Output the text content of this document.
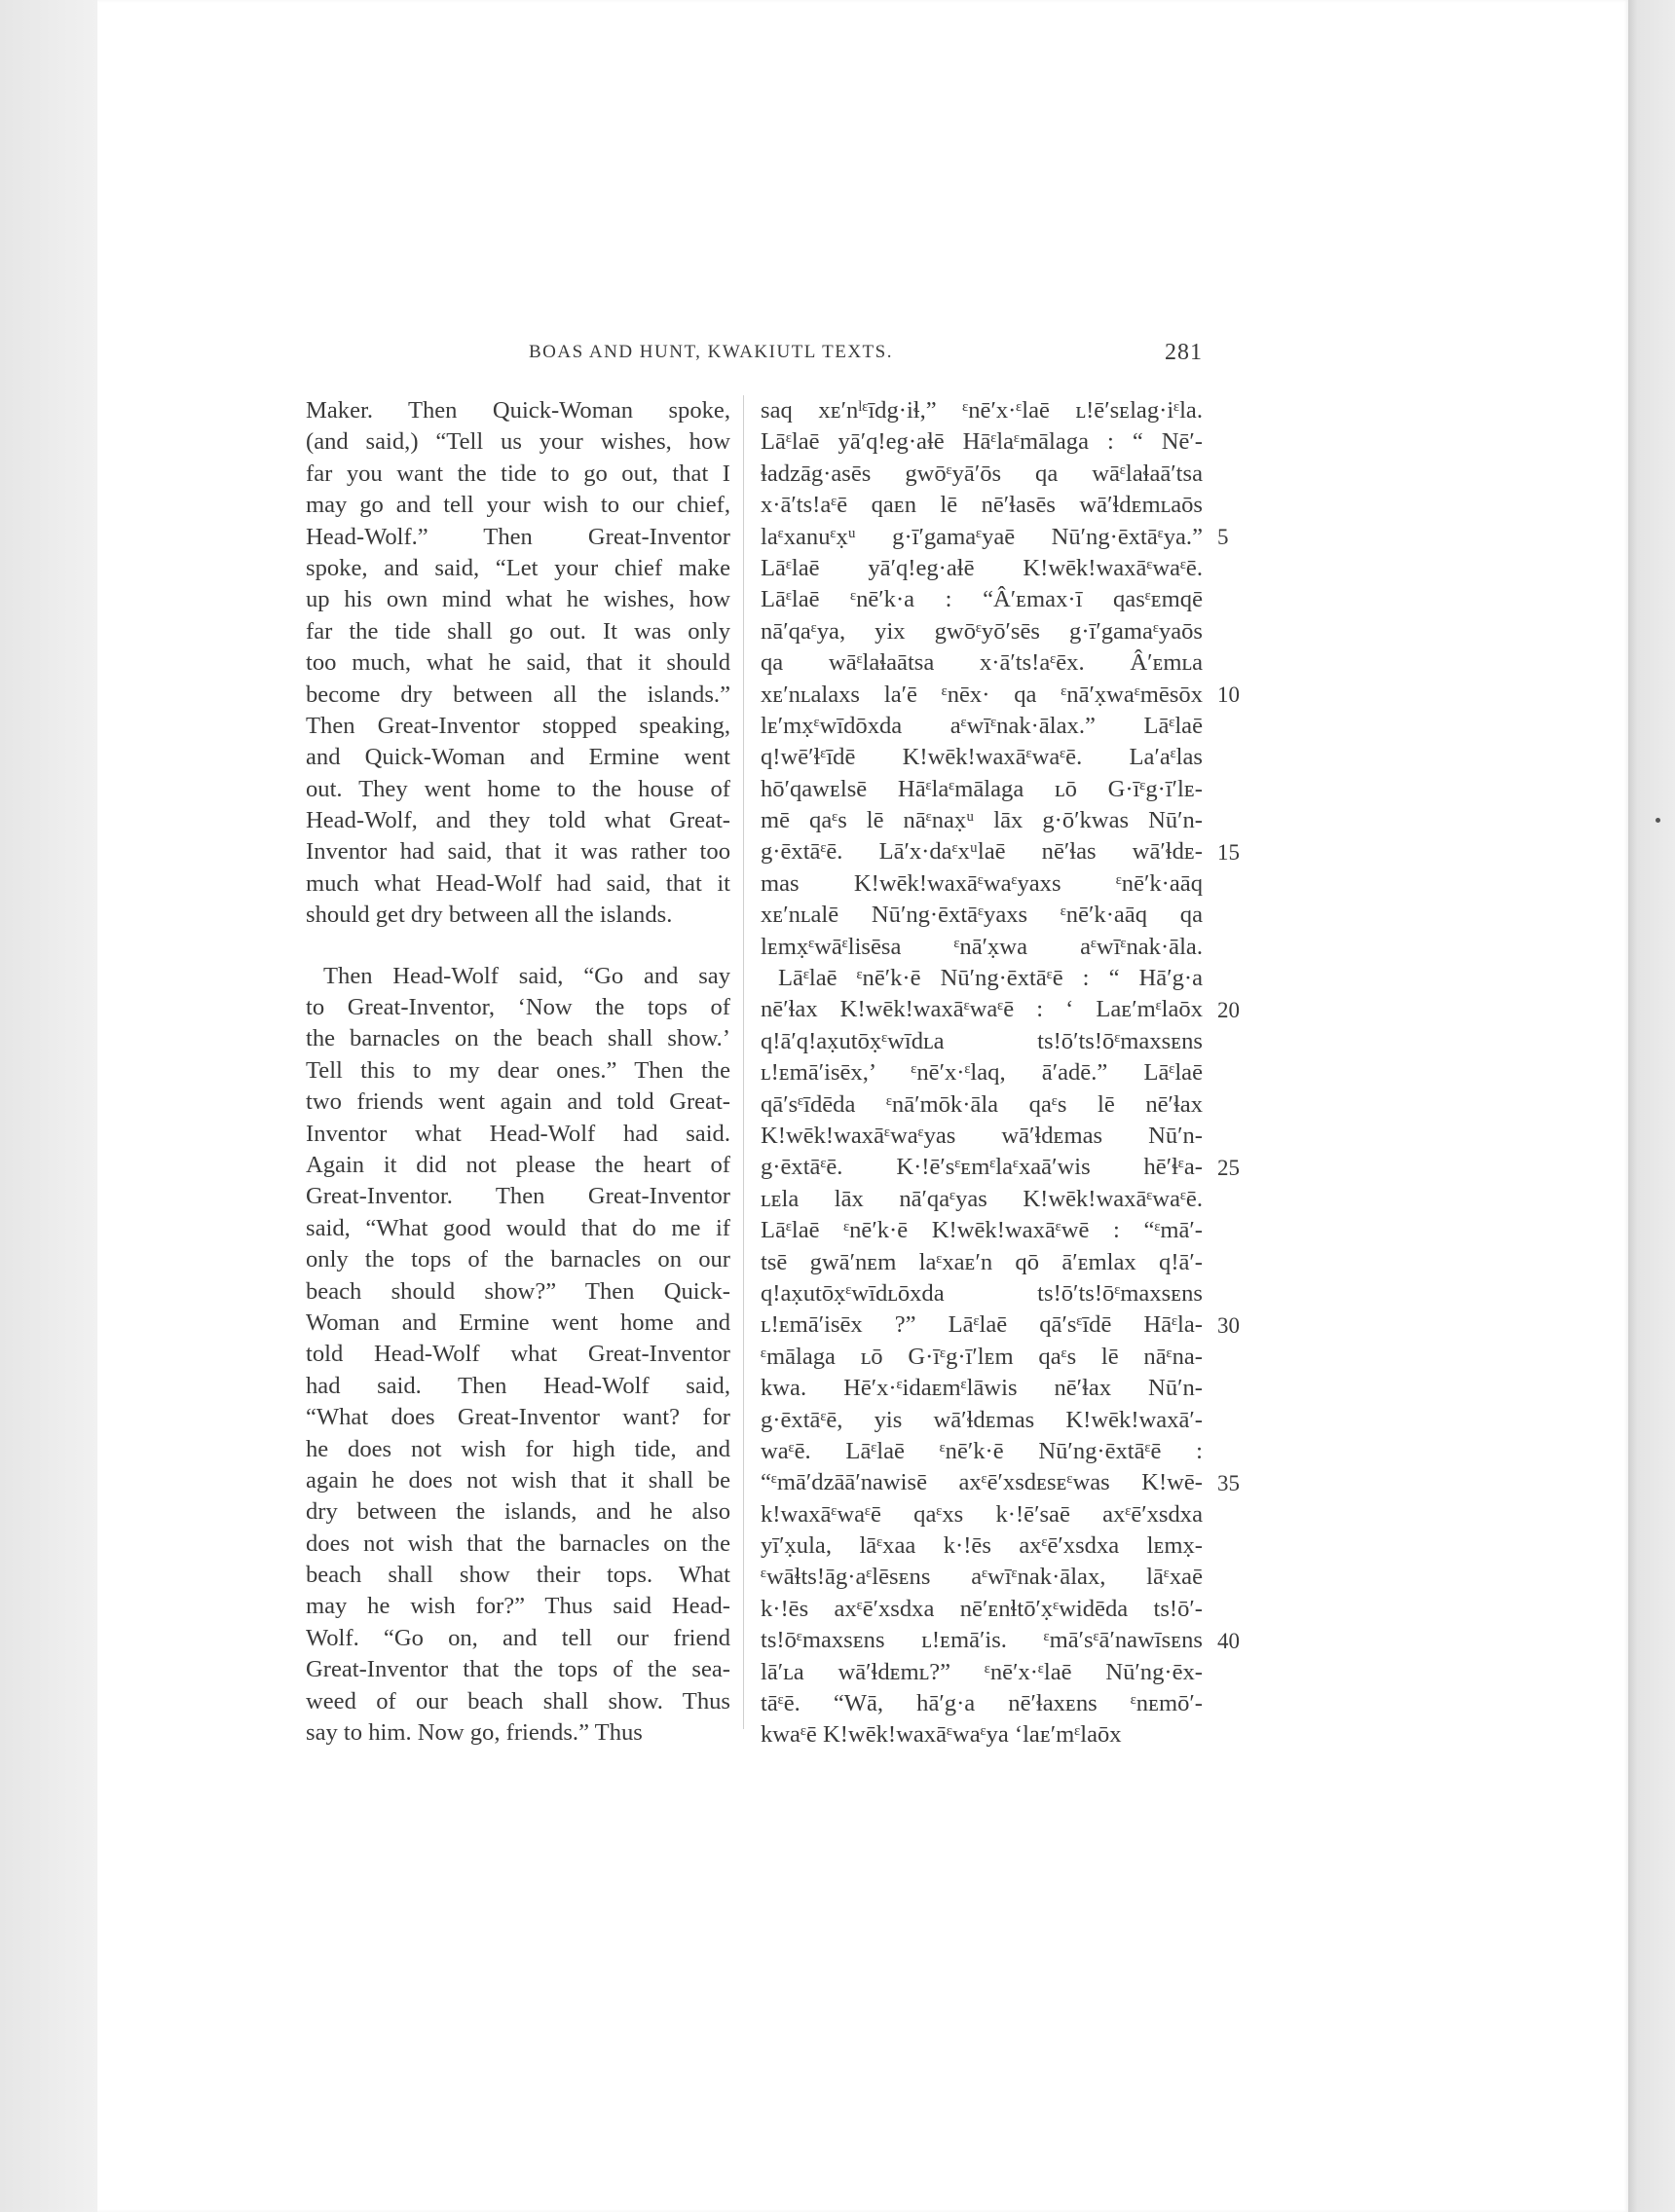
BOAS AND HUNT, KWAKIUTL TEXTS.	281
Maker. Then Quick-Woman spoke,
(and said,) “Tell us your wishes, how
far you want the tide to go out, that I
may go and tell your wish to our chief,
Head-Wolf.” Then Great-Inventor
spoke, and said, “Let your chief make
up his own mind what he wishes, how
far the tide shall go out. It was only
too much, what he said, that it should
become dry between all the islands.”
Then Great-Inventor stopped speaking,
and Quick-Woman and Ermine went
out. They went home to the house of
Head-Wolf, and they told what Great-
Inventor had said, that it was rather too
much what Head-Wolf had said, that it
should get dry between all the islands.
Then Head-Wolf said, “Go and say
to Great-Inventor, ‘Now the tops of
the barnacles on the beach shall show.’
Tell this to my dear ones.” Then the
two friends went again and told Great-
Inventor what Head-Wolf had said.
Again it did not please the heart of
Great-Inventor. Then Great-Inventor
said, “What good would that do me if
only the tops of the barnacles on our
beach should show?” Then Quick-
Woman and Ermine went home and
told Head-Wolf what Great-Inventor
had said. Then Head-Wolf said,
“What does Great-Inventor want? for
he does not wish for high tide, and
again he does not wish that it shall be
dry between the islands, and he also
does not wish that the barnacles on the
beach shall show their tops. What
may he wish for?” Thus said Head-
Wolf. “Go on, and tell our friend
Great-Inventor that the tops of the sea-
weed of our beach shall show. Thus
say to him. Now go, friends.” Thus
saq xᴇ′nˡᵋīdg·iɬ,” ᵋnē′x·ᵋlaē ʟ!ē′sᴇlag·iᵋla.
Lāᵋlaē yā′q!eg·aɬē Hāᵋlaᵋmālaga : “ Nē′-
ɬadzāg·asēs gwōᵋyā′ōs qa wāᵋlaɬaā′tsa
x·ā′ts!aᵋē qaᴇn lē nē′ɬasēs wā′ɬdᴇmʟaōs
laᵋxanuᵋx̣ᵘ g·ī′gamaᵋyaē Nū′ng·ēxtāᵋya.”
Lāᵋlaē yā′q!eg·aɬē K!wēk!waxāᵋwaᵋē.
Lāᵋlaē ᵋnē′k·a : “Â′ᴇmax·ī qasᵋᴇmqē
nā′qaᵋya, yix gwōᵋyō′sēs g·ī′gamaᵋyaōs
qa wāᵋlaɬaātsa x·ā′ts!aᵋēx. Â′ᴇmʟa
xᴇ′nʟalaxs la′ē ᵋnēx· qa ᵋnā′x̣waᵋmēsōx
lᴇ′mx̣ᵋwīdōxda aᵋwīᵋnak·ālax.” Lāᵋlaē
q!wē′ɬᵋīdē K!wēk!waxāᵋwaᵋē. La′aᵋlas
hō′qawᴇlsē Hāᵋlaᵋmālaga ʟō G·īᵋg·ī′lᴇ-
mē qaᵋs lē nāᵋnax̣ᵘ lāx g·ō′kwas Nū′n-
g·ēxtāᵋē. Lā′x·daᵋxᵘlaē nē′ɬas wā′ɬdᴇ-
mas K!wēk!waxāᵋwaᵋyaxs ᵋnē′k·aāq
xᴇ′nʟalē Nū′ng·ēxtāᵋyaxs ᵋnē′k·aāq qa
lᴇmx̣ᵋwāᵋlisēsa ᵋnā′x̣wa aᵋwīᵋnak·āla.
Lāᵋlaē ᵋnē′k·ē Nū′ng·ēxtāᵋē : “ Hā′g·a
nē′ɬax K!wēk!waxāᵋwaᵋē : ‘ Laᴇ′mᵋlaōx
q!ā′q!ax̣utōx̣ᵋwīdʟa ts!ō′ts!ōᵋmaxsᴇns
ʟ!ᴇmā′isēx,’ ᵋnē′x·ᵋlaq, ā′adē.” Lāᵋlaē
qā′sᵋīdēda ᵋnā′mōk·āla qaᵋs lē nē′ɬax
K!wēk!waxāᵋwaᵋyas wā′ɬdᴇmas Nū′n-
g·ēxtāᵋē. K·!ē′sᵋᴇmᵋlaᵋxaā′wis hē′ɬᵋa-
ʟᴇla lāx nā′qaᵋyas K!wēk!waxāᵋwaᵋē.
Lāᵋlaē ᵋnē′k·ē K!wēk!waxāᵋwē : “ᵋmā′-
tsē gwā′nᴇm laᵋxaᴇ′n qō ā′ᴇmlax q!ā′-
q!ax̣utōx̣ᵋwīdʟōxda ts!ō′ts!ōᵋmaxsᴇns
ʟ!ᴇmā′isēx ?” Lāᵋlaē qā′sᵋīdē Hāᵋla-
ᵋmālaga ʟō G·īᵋg·ī′lᴇm qaᵋs lē nāᵋna-
kwa. Hē′x·ᵋidaᴇmᵋlāwis nē′ɬax Nū′n-
g·ēxtāᵋē, yis wā′ɬdᴇmas K!wēk!waxā′-
waᵋē. Lāᵋlaē ᵋnē′k·ē Nū′ng·ēxtāᵋē :
“ᵋmā′dzāā′nawisē axᵋē′xsdᴇsᴇᵋwas K!wē-
k!waxāᵋwaᵋē qaᵋxs k·!ē′saē axᵋē′xsdxa
yī′x̣ula, lāᵋxaa k·!ēs axᵋē′xsdxa lᴇmx̣-
ᵋwāɬts!āg·aᵋlēsᴇns aᵋwīᵋnak·ālax, lāᵋxaē
k·!ēs axᵋē′xsdxa nē′ᴇnɬtō′x̣ᵋwidēda ts!ō′-
ts!ōᵋmaxsᴇns ʟ!ᴇmā′is. ᵋmā′sᵋā′nawīsᴇns
lā′ʟa wā′ɬdᴇmʟ?” ᵋnē′x·ᵋlaē Nū′ng·ēx-
tāᵋē. “Wā, hā′g·a nē′ɬaxᴇns ᵋnᴇmō′-
kwaᵋē K!wēk!waxāᵋwaᵋya ‘laᴇ′mᵋlaōx
5
10
15
20
25
30
35
40
